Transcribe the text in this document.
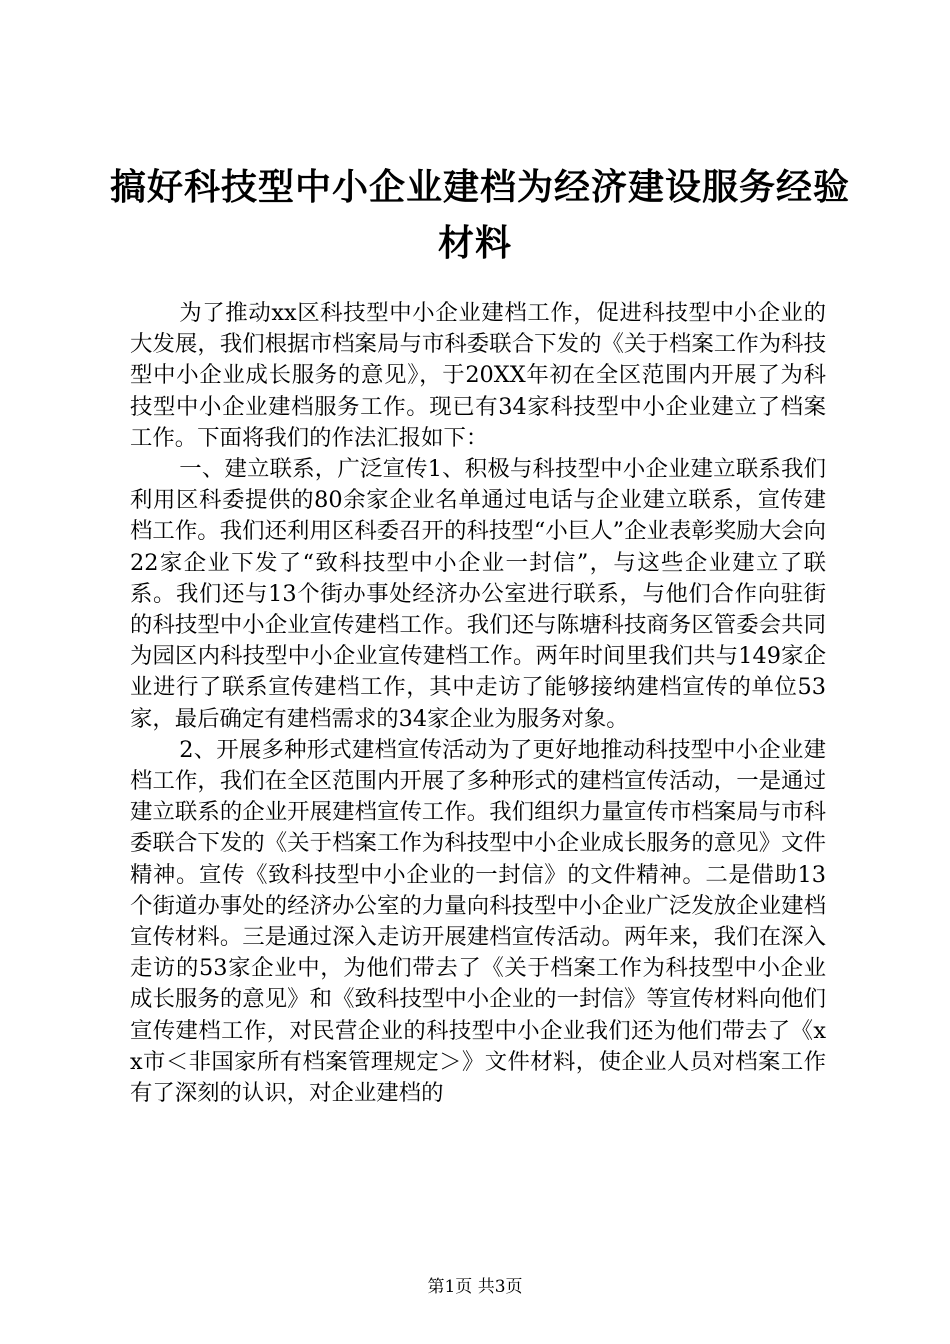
搞好科技型中小企业建档为经济建设服务经验
材料

为了推动xx区科技型中小企业建档工作，促进科技型中小企业的大发展，我们根据市档案局与市科委联合下发的《关于档案工作为科技型中小企业成长服务的意见》，于20XX年初在全区范围内开展了为科技型中小企业建档服务工作。现已有34家科技型中小企业建立了档案工作。下面将我们的作法汇报如下：

一、建立联系，广泛宣传1、积极与科技型中小企业建立联系我们利用区科委提供的80余家企业名单通过电话与企业建立联系，宣传建档工作。我们还利用区科委召开的科技型“小巨人”企业表彰奖励大会向22家企业下发了“致科技型中小企业一封信”，与这些企业建立了联系。我们还与13个街办事处经济办公室进行联系，与他们合作向驻街的科技型中小企业宣传建档工作。我们还与陈塘科技商务区管委会共同为园区内科技型中小企业宣传建档工作。两年时间里我们共与149家企业进行了联系宣传建档工作，其中走访了能够接纳建档宣传的单位53家，最后确定有建档需求的34家企业为服务对象。

2、开展多种形式建档宣传活动为了更好地推动科技型中小企业建档工作，我们在全区范围内开展了多种形式的建档宣传活动，一是通过建立联系的企业开展建档宣传工作。我们组织力量宣传市档案局与市科委联合下发的《关于档案工作为科技型中小企业成长服务的意见》文件精神。宣传《致科技型中小企业的一封信》的文件精神。二是借助13个街道办事处的经济办公室的力量向科技型中小企业广泛发放企业建档宣传材料。三是通过深入走访开展建档宣传活动。两年来，我们在深入走访的53家企业中，为他们带去了《关于档案工作为科技型中小企业成长服务的意见》和《致科技型中小企业的一封信》等宣传材料向他们宣传建档工作，对民营企业的科技型中小企业我们还为他们带去了《xx市＜非国家所有档案管理规定＞》文件材料，使企业人员对档案工作有了深刻的认识，对企业建档的

第1页 共3页
